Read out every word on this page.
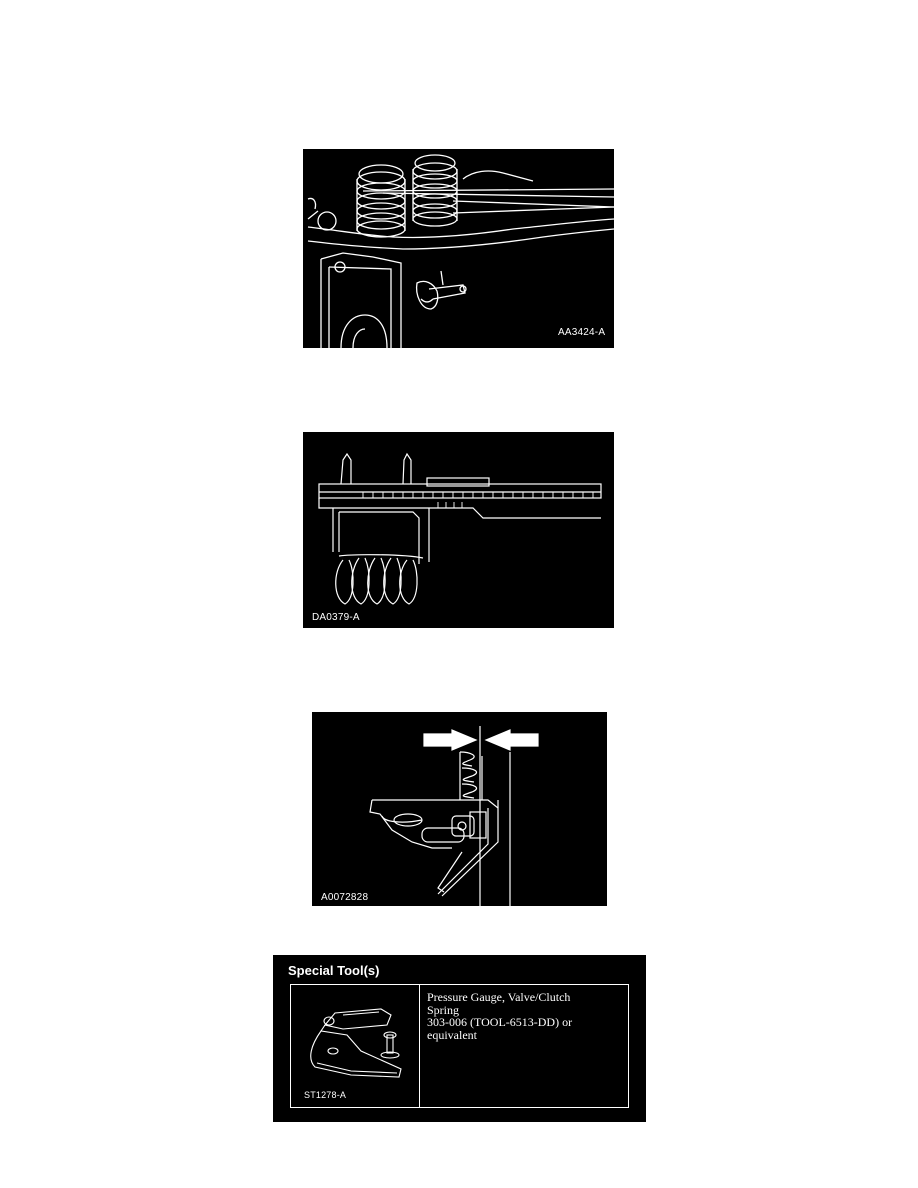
AA3424-A
DA0379-A
A0072828
Special Tool(s)
ST1278-A
Pressure Gauge, Valve/Clutch
Spring
303-006 (TOOL-6513-DD) or
equivalent
